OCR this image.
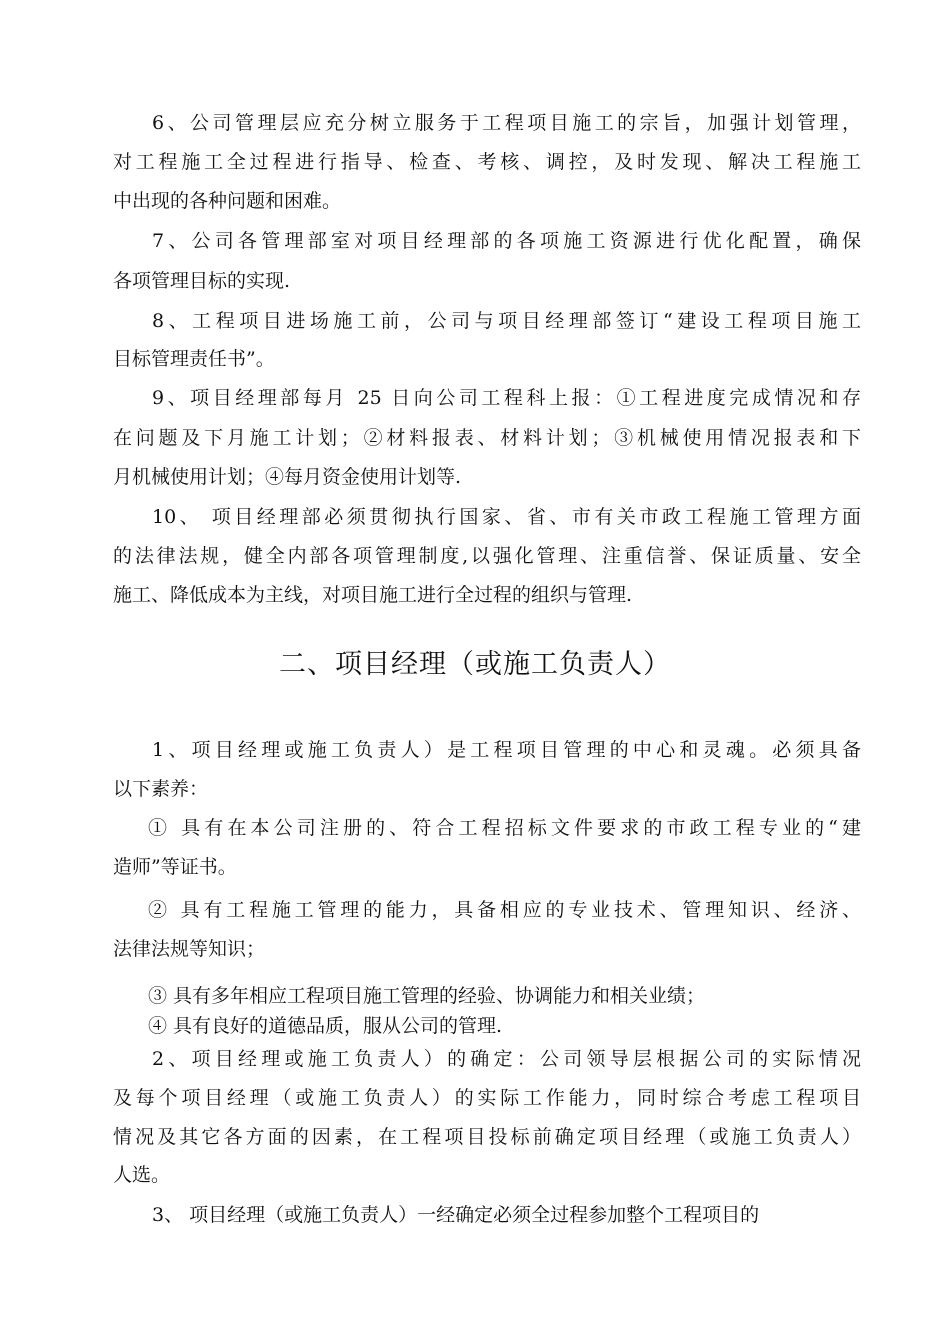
6、公司管理层应充分树立服务于工程项目施工的宗旨，加强计划管理，
对工程施工全过程进行指导、检查、考核、调控，及时发现、解决工程施工
中出现的各种问题和困难。
7、公司各管理部室对项目经理部的各项施工资源进行优化配置，确保
各项管理目标的实现.
8、工程项目进场施工前，公司与项目经理部签订“建设工程项目施工
目标管理责任书”。
9、项目经理部每月 25 日向公司工程科上报：①工程进度完成情况和存
在问题及下月施工计划；②材料报表、材料计划；③机械使用情况报表和下
月机械使用计划；④每月资金使用计划等.
10、 项目经理部必须贯彻执行国家、省、市有关市政工程施工管理方面
的法律法规，健全内部各项管理制度,以强化管理、注重信誉、保证质量、安全
施工、降低成本为主线，对项目施工进行全过程的组织与管理.
二、项目经理（或施工负责人）
1、项目经理或施工负责人）是工程项目管理的中心和灵魂。必须具备
以下素养：
① 具有在本公司注册的、符合工程招标文件要求的市政工程专业的“建
造师”等证书。
② 具有工程施工管理的能力，具备相应的专业技术、管理知识、经济、
法律法规等知识；
③ 具有多年相应工程项目施工管理的经验、协调能力和相关业绩；
④ 具有良好的道德品质，服从公司的管理.
2、项目经理或施工负责人）的确定：公司领导层根据公司的实际情况
及每个项目经理（或施工负责人）的实际工作能力，同时综合考虑工程项目
情况及其它各方面的因素，在工程项目投标前确定项目经理（或施工负责人）
人选。
3、 项目经理（或施工负责人）一经确定必须全过程参加整个工程项目的
